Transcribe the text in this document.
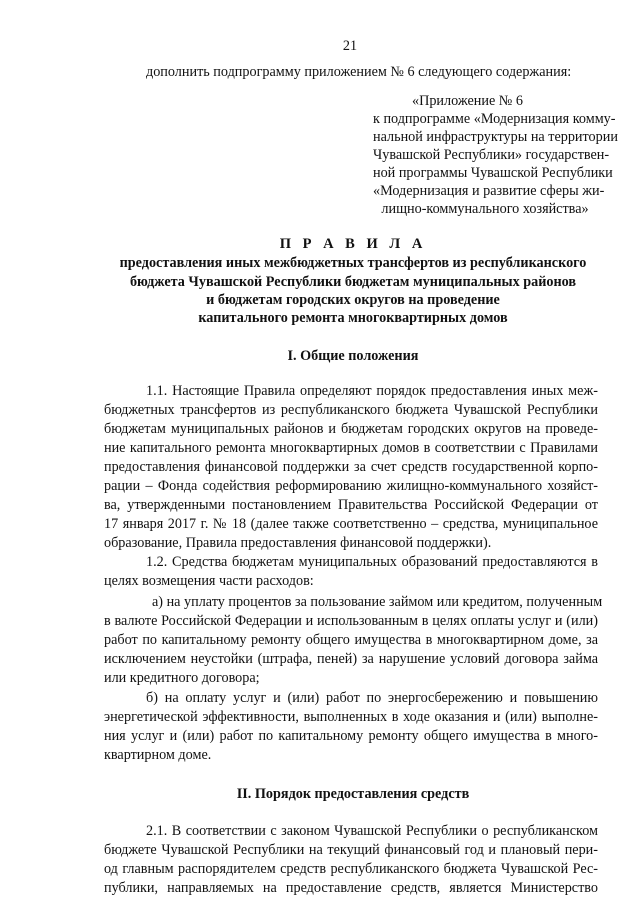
21
дополнить подпрограмму приложением № 6 следующего содержания:
«Приложение № 6
к подпрограмме «Модернизация комму-
нальной инфраструктуры на территории
Чувашской Республики» государствен-
ной программы Чувашской Республики
«Модернизация и развитие сферы жи-
лищно-коммунального хозяйства»
П Р А В И Л А
предоставления иных межбюджетных трансфертов из республиканского
бюджета Чувашской Республики бюджетам муниципальных районов
и бюджетам городских округов на проведение
капитального ремонта многоквартирных домов
I. Общие положения
1.1. Настоящие Правила определяют порядок предоставления иных меж-
бюджетных трансфертов из республиканского бюджета Чувашской Республики
бюджетам муниципальных районов и бюджетам городских округов на проведе-
ние капитального ремонта многоквартирных домов в соответствии с Правилами
предоставления финансовой поддержки за счет средств государственной корпо-
рации – Фонда содействия реформированию жилищно-коммунального хозяйст-
ва, утвержденными постановлением Правительства Российской Федерации от
17 января 2017 г. № 18 (далее также соответственно – средства, муниципальное
образование, Правила предоставления финансовой поддержки).
1.2. Средства бюджетам муниципальных образований предоставляются в
целях возмещения части расходов:
а) на уплату процентов за пользование займом или кредитом, полученным
в валюте Российской Федерации и использованным в целях оплаты услуг и (или)
работ по капитальному ремонту общего имущества в многоквартирном доме, за
исключением неустойки (штрафа, пеней) за нарушение условий договора займа
или кредитного договора;
б) на оплату услуг и (или) работ по энергосбережению и повышению
энергетической эффективности, выполненных в ходе оказания и (или) выполне-
ния услуг и (или) работ по капитальному ремонту общего имущества в много-
квартирном доме.
II. Порядок предоставления средств
2.1. В соответствии с законом Чувашской Республики о республиканском
бюджете Чувашской Республики на текущий финансовый год и плановый пери-
од главным распорядителем средств республиканского бюджета Чувашской Рес-
публики, направляемых на предоставление средств, является Министерство
